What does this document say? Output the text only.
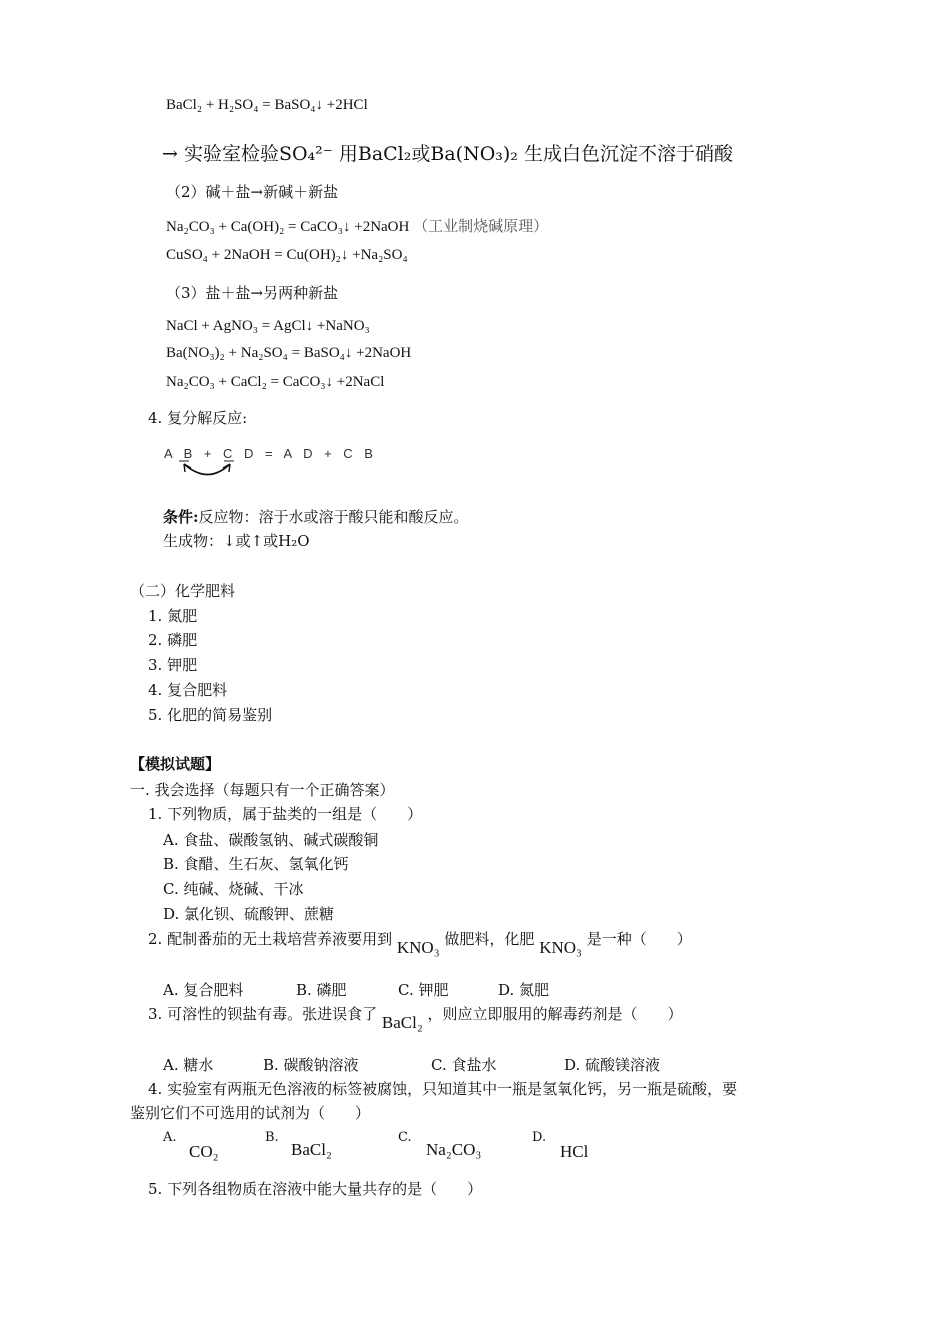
BaCl₂ + H₂SO₄ = BaSO₄↓ +2HCl
→ 实验室检验SO₄²⁻ 用BaCl₂或Ba(NO₃)₂ 生成白色沉淀不溶于硝酸
（2）碱＋盐→新碱＋新盐
Na₂CO₃ + Ca(OH)₂ = CaCO₃↓ +2NaOH （工业制烧碱原理）
CuSO₄ + 2NaOH = Cu(OH)₂↓ +Na₂SO₄
（3）盐＋盐→另两种新盐
NaCl + AgNO₃ = AgCl↓ +NaNO₃
Ba(NO₃)₂ + Na₂SO₄ = BaSO₄↓ +2NaOH
Na₂CO₃ + CaCl₂ = CaCO₃↓ +2NaCl
4. 复分解反应:
A B + C D = A D + C B
条件:反应物：溶于水或溶于酸只能和酸反应。
生成物：↓或↑或H₂O
（二）化学肥料
1. 氮肥
2. 磷肥
3. 钾肥
4. 复合肥料
5. 化肥的简易鉴别
【模拟试题】
一. 我会选择（每题只有一个正确答案）
1. 下列物质，属于盐类的一组是（　　）
A. 食盐、碳酸氢钠、碱式碳酸铜
B. 食醋、生石灰、氢氧化钙
C. 纯碱、烧碱、干冰
D. 氯化钡、硫酸钾、蔗糖
2. 配制番茄的无土栽培营养液要用到 KNO₃ 做肥料，化肥 KNO₃ 是一种（　　）
A. 复合肥料	B. 磷肥	C. 钾肥	D. 氮肥
3. 可溶性的钡盐有毒。张进误食了 BaCl₂ ，则应立即服用的解毒药剂是（　　）
A. 糖水	B. 碳酸钠溶液	C. 食盐水	D. 硫酸镁溶液
4. 实验室有两瓶无色溶液的标签被腐蚀，只知道其中一瓶是氢氧化钙，另一瓶是硫酸，要
鉴别它们不可选用的试剂为（　　）
A.
CO₂
B.
BaCl₂
C.
Na₂CO₃
D.
HCl
5. 下列各组物质在溶液中能大量共存的是（　　）
